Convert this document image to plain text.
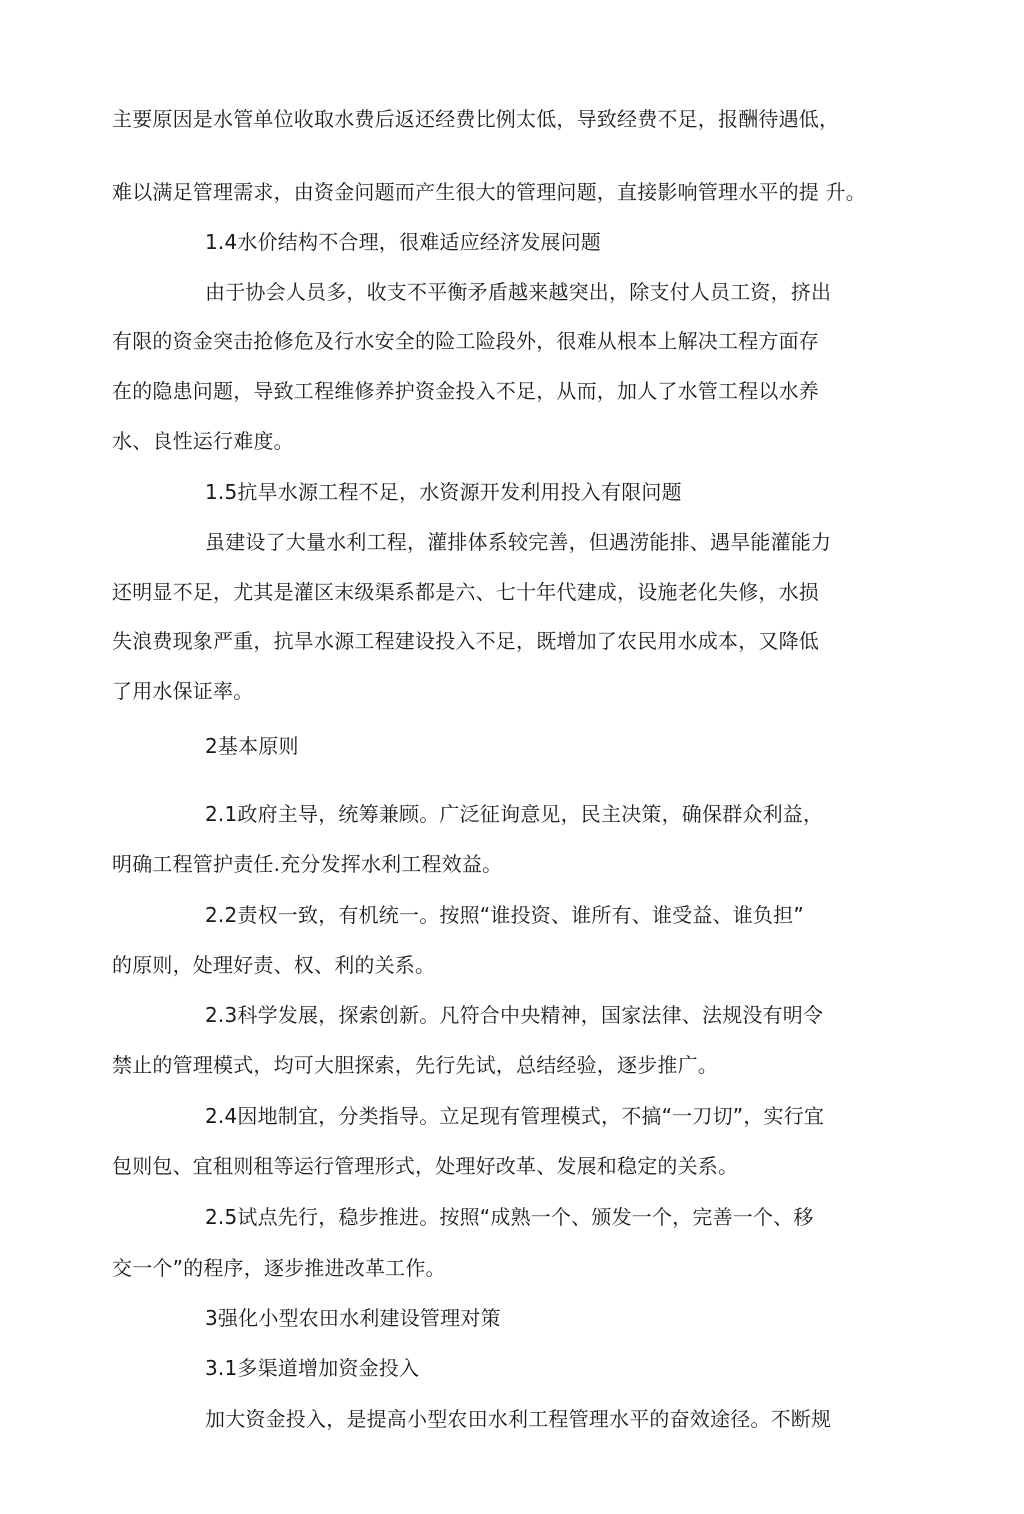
主要原因是水管单位收取水费后返还经费比例太低，导致经费不足，报酬待遇低，

难以满足管理需求，由资金问题而产生很大的管理问题，直接影响管理水平的提 升。

1.4水价结构不合理，很难适应经济发展问题

由于协会人员多，收支不平衡矛盾越来越突出，除支付人员工资，挤出

有限的资金突击抢修危及行水安全的险工险段外，很难从根本上解决工程方面存

在的隐患问题，导致工程维修养护资金投入不足，从而，加人了水管工程以水养

水、良性运行难度。

1.5抗旱水源工程不足，水资源开发利用投入有限问题

虽建设了大量水利工程，灌排体系较完善，但遇涝能排、遇旱能灌能力

还明显不足，尤其是灌区末级渠系都是六、七十年代建成，设施老化失修，水损

失浪费现象严重，抗旱水源工程建设投入不足，既增加了农民用水成本，又降低

了用水保证率。

2基本原则

2.1政府主导，统筹兼顾。广泛征询意见，民主决策，确保群众利益，

明确工程管护责任.充分发挥水利工程效益。

2.2责权一致，有机统一。按照“谁投资、谁所有、谁受益、谁负担”

的原则，处理好责、权、利的关系。

2.3科学发展，探索创新。凡符合中央精神，国家法律、法规没有明令

禁止的管理模式，均可大胆探索，先行先试，总结经验，逐步推广。

2.4因地制宜，分类指导。立足现有管理模式，不搞“一刀切”，实行宜

包则包、宜租则租等运行管理形式，处理好改革、发展和稳定的关系。

2.5试点先行，稳步推进。按照“成熟一个、颁发一个，完善一个、移

交一个”的程序，逐步推进改革工作。

3强化小型农田水利建设管理对策

3.1多渠道增加资金投入

加大资金投入，是提高小型农田水利工程管理水平的奋效途径。不断规
